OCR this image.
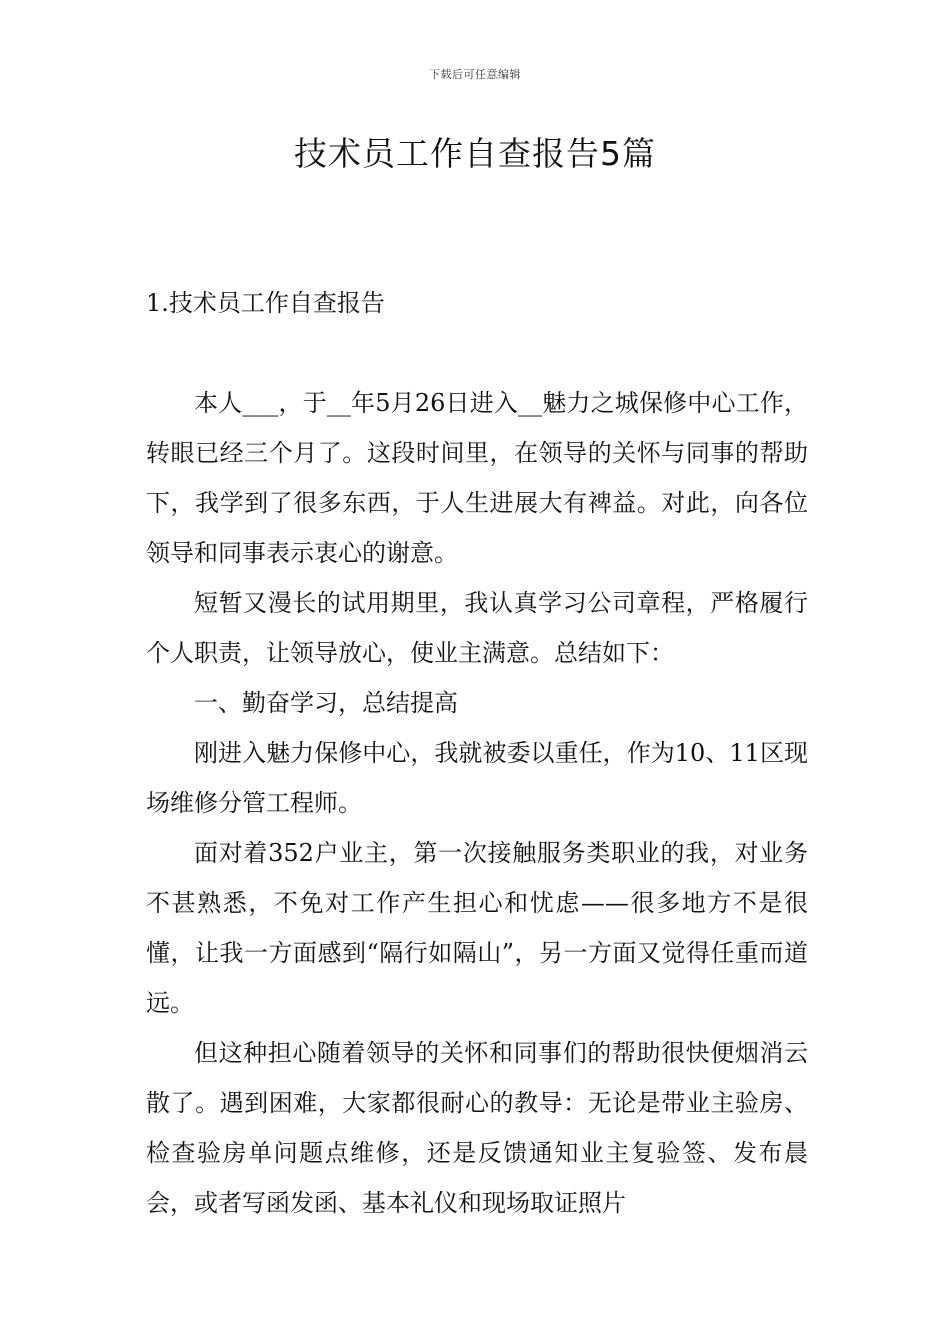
下载后可任意编辑
技术员工作自查报告5篇
1.技术员工作自查报告

本人___，于__年5月26日进入__魅力之城保修中心工作，转眼已经三个月了。这段时间里，在领导的关怀与同事的帮助下，我学到了很多东西，于人生进展大有裨益。对此，向各位领导和同事表示衷心的谢意。

短暂又漫长的试用期里，我认真学习公司章程，严格履行个人职责，让领导放心，使业主满意。总结如下：

一、勤奋学习，总结提高

刚进入魅力保修中心，我就被委以重任，作为10、11区现场维修分管工程师。

面对着352户业主，第一次接触服务类职业的我，对业务不甚熟悉，不免对工作产生担心和忧虑——很多地方不是很懂，让我一方面感到“隔行如隔山”，另一方面又觉得任重而道远。

但这种担心随着领导的关怀和同事们的帮助很快便烟消云散了。遇到困难，大家都很耐心的教导：无论是带业主验房、检查验房单问题点维修，还是反馈通知业主复验签、发布晨会，或者写函发函、基本礼仪和现场取证照片
